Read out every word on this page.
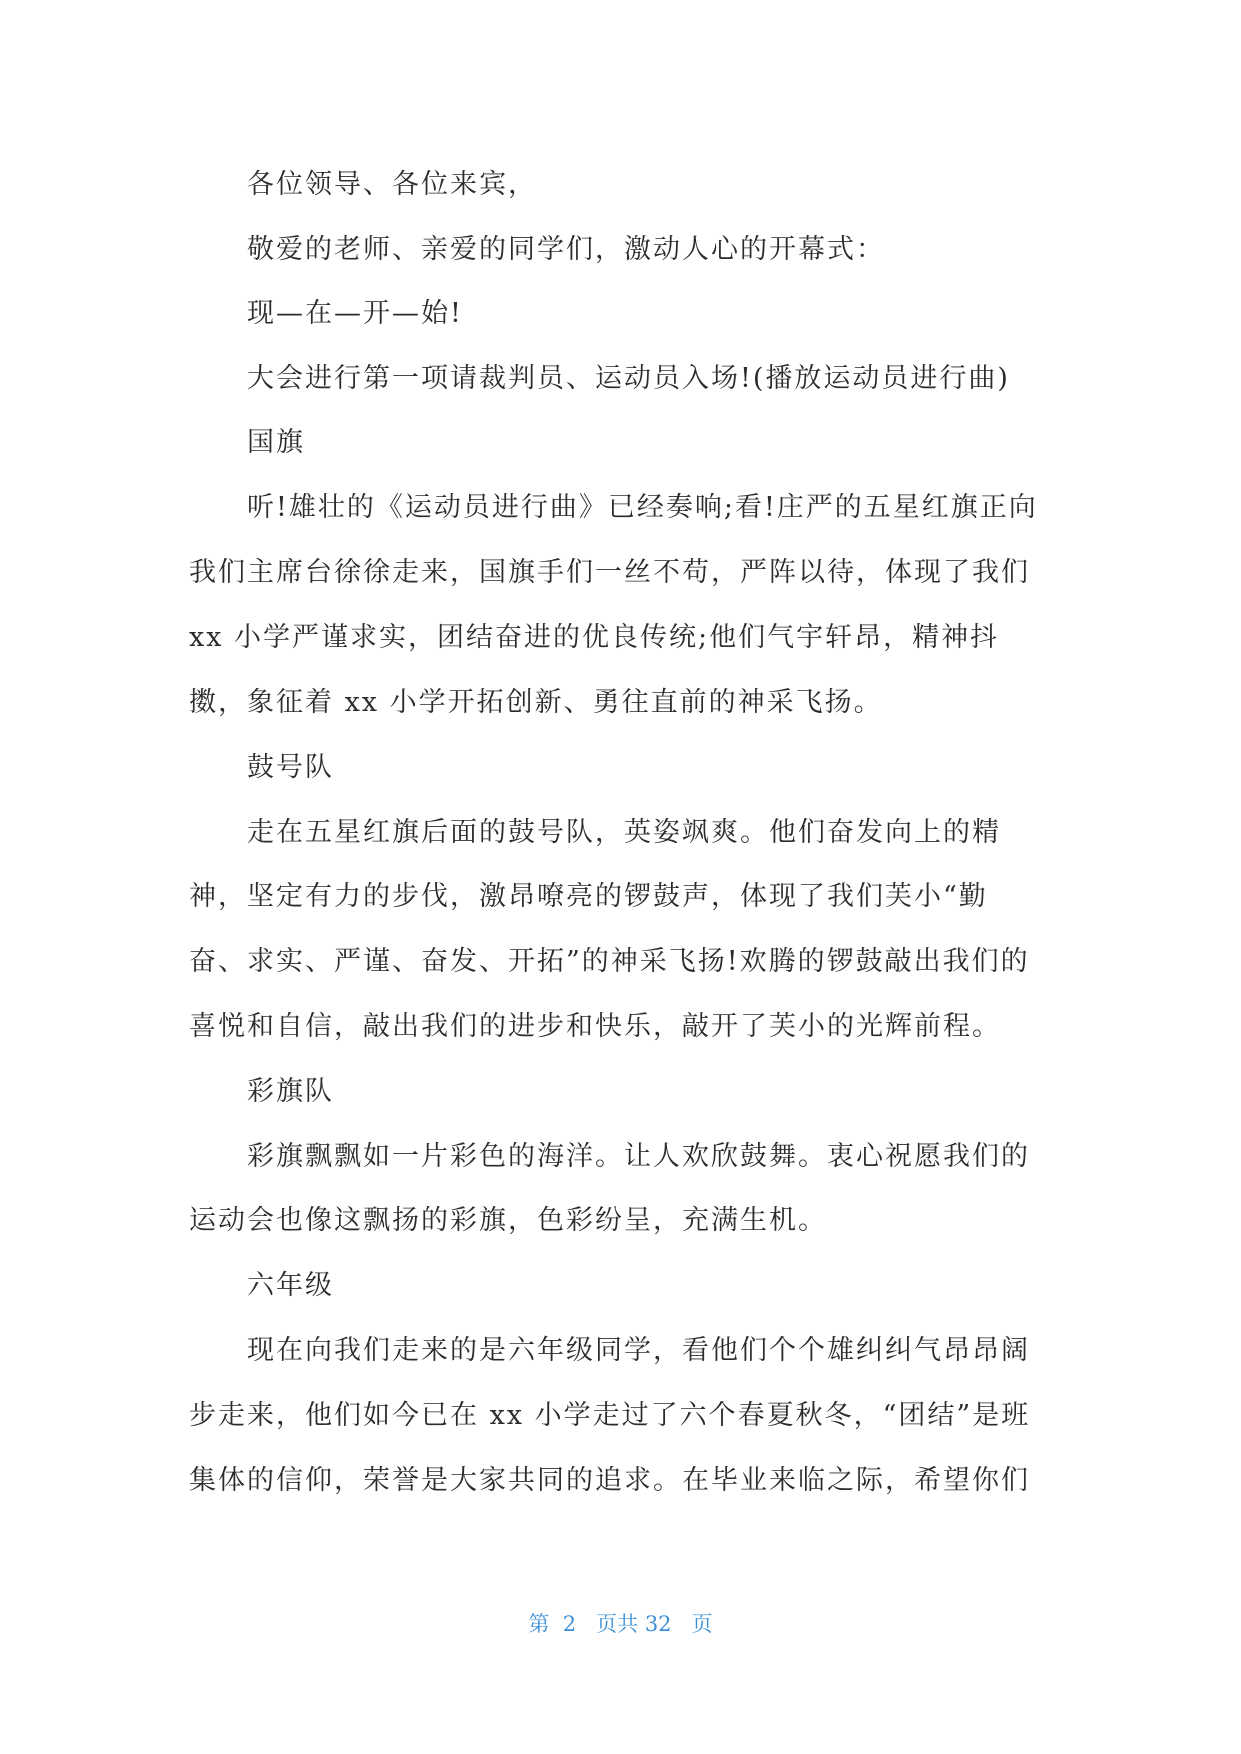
各位领导、各位来宾，
敬爱的老师、亲爱的同学们，激动人心的开幕式：
现—在—开—始!
大会进行第一项请裁判员、运动员入场!(播放运动员进行曲)
国旗
听!雄壮的《运动员进行曲》已经奏响;看!庄严的五星红旗正向
我们主席台徐徐走来，国旗手们一丝不苟，严阵以待，体现了我们
xx 小学严谨求实，团结奋进的优良传统;他们气宇轩昂，精神抖
擞，象征着 xx 小学开拓创新、勇往直前的神采飞扬。
鼓号队
走在五星红旗后面的鼓号队，英姿飒爽。他们奋发向上的精
神，坚定有力的步伐，激昂嘹亮的锣鼓声，体现了我们芙小“勤
奋、求实、严谨、奋发、开拓”的神采飞扬!欢腾的锣鼓敲出我们的
喜悦和自信，敲出我们的进步和快乐，敲开了芙小的光辉前程。
彩旗队
彩旗飘飘如一片彩色的海洋。让人欢欣鼓舞。衷心祝愿我们的
运动会也像这飘扬的彩旗，色彩纷呈，充满生机。
六年级
现在向我们走来的是六年级同学，看他们个个雄纠纠气昂昂阔
步走来，他们如今已在 xx 小学走过了六个春夏秋冬，“团结”是班
集体的信仰，荣誉是大家共同的追求。在毕业来临之际，希望你们
第  2   页共 32   页
